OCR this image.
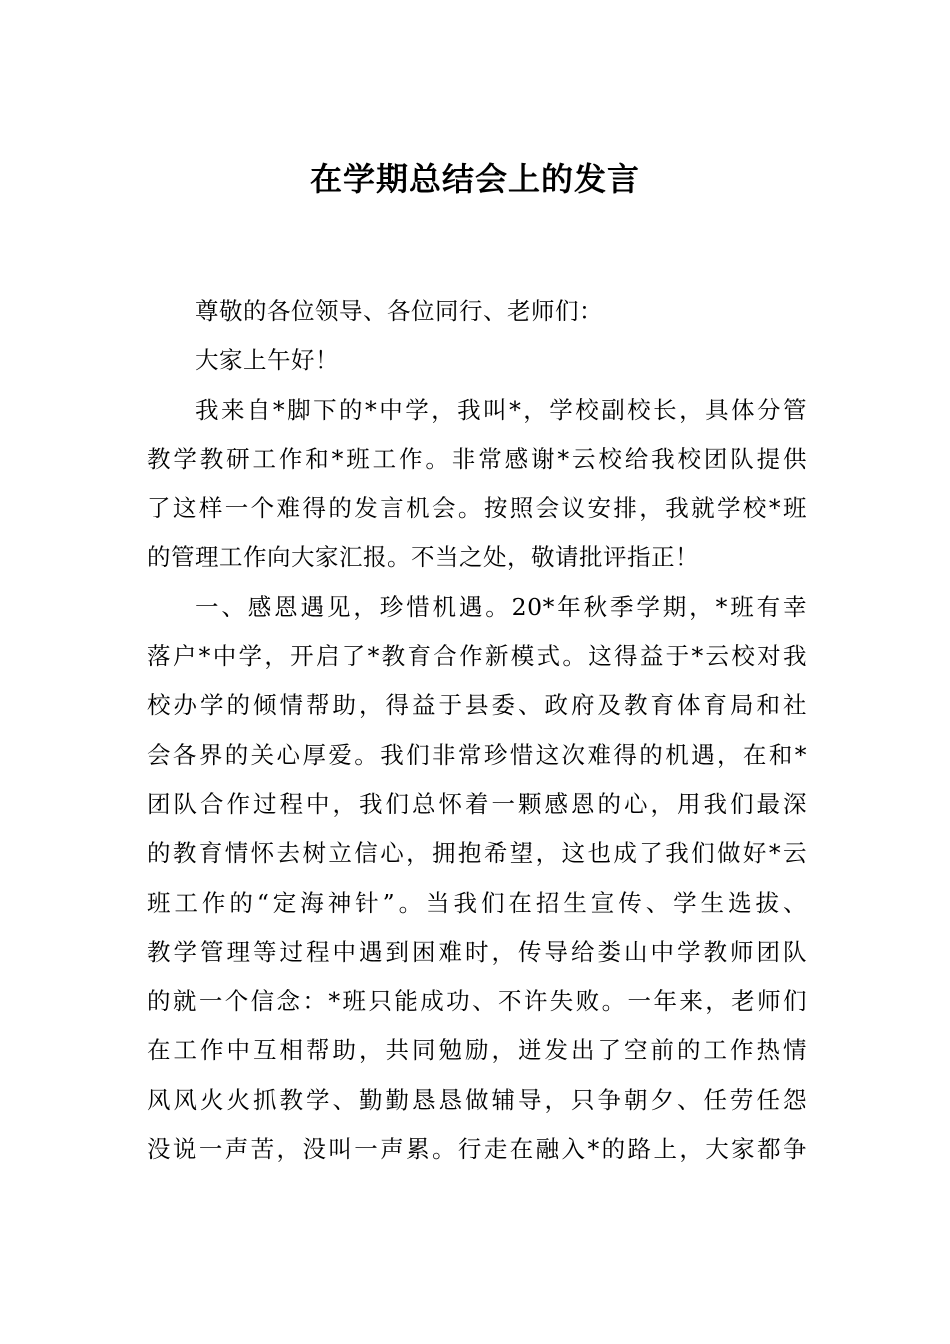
在学期总结会上的发言
尊敬的各位领导、各位同行、老师们：
大家上午好！
我来自*脚下的*中学，我叫*，学校副校长，具体分管
教学教研工作和*班工作。非常感谢*云校给我校团队提供
了这样一个难得的发言机会。按照会议安排，我就学校*班
的管理工作向大家汇报。不当之处，敬请批评指正！
一、感恩遇见，珍惜机遇。20*年秋季学期，*班有幸
落户*中学，开启了*教育合作新模式。这得益于*云校对我
校办学的倾情帮助，得益于县委、政府及教育体育局和社
会各界的关心厚爱。我们非常珍惜这次难得的机遇，在和*
团队合作过程中，我们总怀着一颗感恩的心，用我们最深
的教育情怀去树立信心，拥抱希望，这也成了我们做好*云
班工作的“定海神针”。当我们在招生宣传、学生选拔、
教学管理等过程中遇到困难时，传导给娄山中学教师团队
的就一个信念：*班只能成功、不许失败。一年来，老师们
在工作中互相帮助，共同勉励，迸发出了空前的工作热情
风风火火抓教学、勤勤恳恳做辅导，只争朝夕、任劳任怨
没说一声苦，没叫一声累。行走在融入*的路上，大家都争
